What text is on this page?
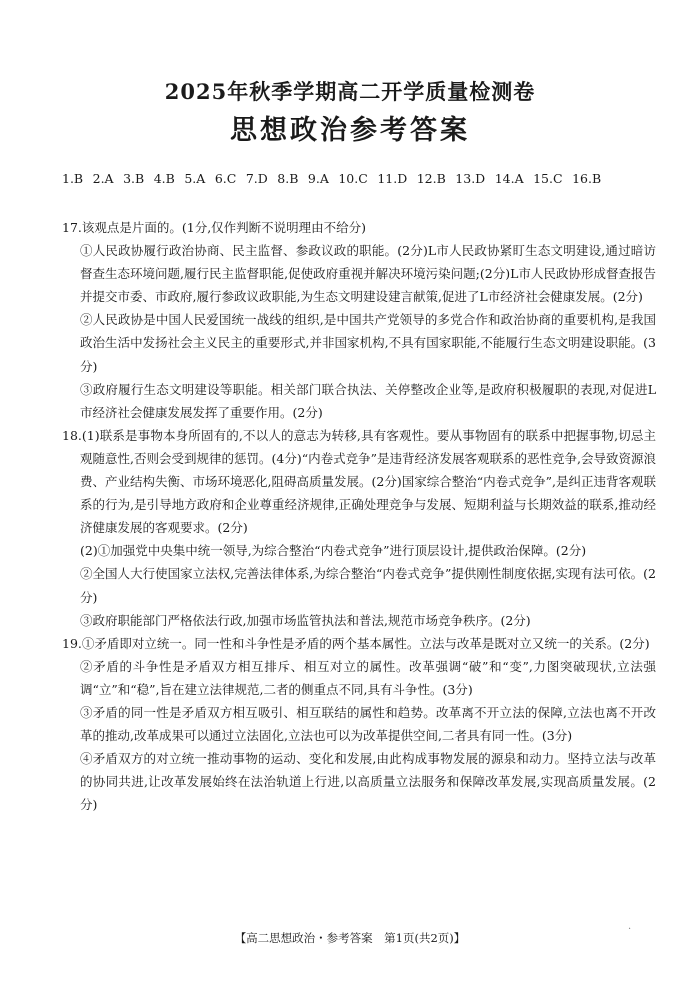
2025年秋季学期高二开学质量检测卷
思想政治参考答案
1.B 2.A 3.B 4.B 5.A 6.C 7.D 8.B 9.A 10.C 11.D 12.B 13.D 14.A 15.C 16.B
17.该观点是片面的。(1分,仅作判断不说明理由不给分)
①人民政协履行政治协商、民主监督、参政议政的职能。(2分)L市人民政协紧盯生态文明建设,通过暗访督查生态环境问题,履行民主监督职能,促使政府重视并解决环境污染问题;(2分)L市人民政协形成督查报告并提交市委、市政府,履行参政议政职能,为生态文明建设建言献策,促进了L市经济社会健康发展。(2分)
②人民政协是中国人民爱国统一战线的组织,是中国共产党领导的多党合作和政治协商的重要机构,是我国政治生活中发扬社会主义民主的重要形式,并非国家机构,不具有国家职能,不能履行生态文明建设职能。(3分)
③政府履行生态文明建设等职能。相关部门联合执法、关停整改企业等,是政府积极履职的表现,对促进L市经济社会健康发展发挥了重要作用。(2分)
18.(1)联系是事物本身所固有的,不以人的意志为转移,具有客观性。要从事物固有的联系中把握事物,切忌主观随意性,否则会受到规律的惩罚。(4分)“内卷式竞争”是违背经济发展客观联系的恶性竞争,会导致资源浪费、产业结构失衡、市场环境恶化,阻碍高质量发展。(2分)国家综合整治“内卷式竞争”,是纠正违背客观联系的行为,是引导地方政府和企业尊重经济规律,正确处理竞争与发展、短期利益与长期效益的联系,推动经济健康发展的客观要求。(2分)
(2)①加强党中央集中统一领导,为综合整治“内卷式竞争”进行顶层设计,提供政治保障。(2分)
②全国人大行使国家立法权,完善法律体系,为综合整治“内卷式竞争”提供刚性制度依据,实现有法可依。(2分)
③政府职能部门严格依法行政,加强市场监管执法和普法,规范市场竞争秩序。(2分)
19.①矛盾即对立统一。同一性和斗争性是矛盾的两个基本属性。立法与改革是既对立又统一的关系。(2分)
②矛盾的斗争性是矛盾双方相互排斥、相互对立的属性。改革强调“破”和“变”,力图突破现状,立法强调“立”和“稳”,旨在建立法律规范,二者的侧重点不同,具有斗争性。(3分)
③矛盾的同一性是矛盾双方相互吸引、相互联结的属性和趋势。改革离不开立法的保障,立法也离不开改革的推动,改革成果可以通过立法固化,立法也可以为改革提供空间,二者具有同一性。(3分)
④矛盾双方的对立统一推动事物的运动、变化和发展,由此构成事物发展的源泉和动力。坚持立法与改革的协同共进,让改革发展始终在法治轨道上行进,以高质量立法服务和保障改革发展,实现高质量发展。(2分)
【高二思想政治・参考答案　第1页(共2页)】
·
